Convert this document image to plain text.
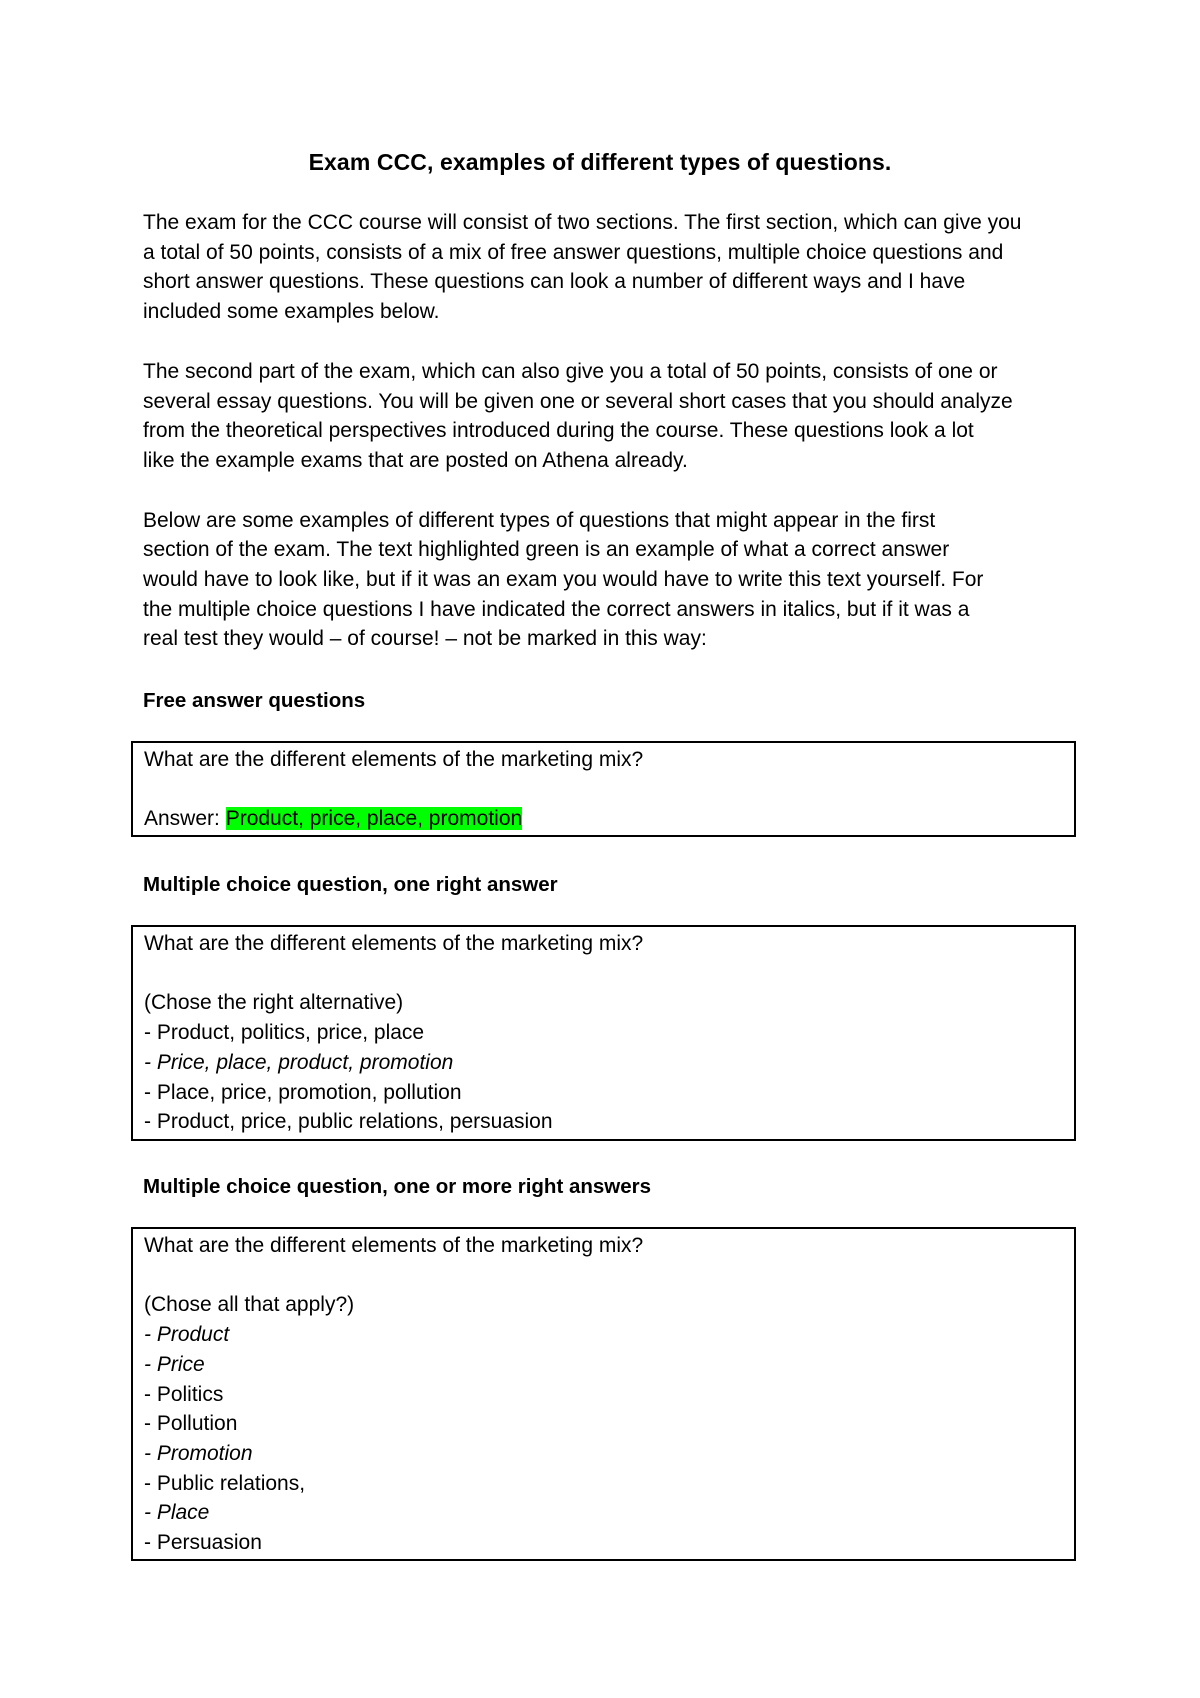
Exam CCC, examples of different types of questions.

The exam for the CCC course will consist of two sections. The first section, which can give you
a total of 50 points, consists of a mix of free answer questions, multiple choice questions and
short answer questions. These questions can look a number of different ways and I have
included some examples below.

The second part of the exam, which can also give you a total of 50 points, consists of one or
several essay questions. You will be given one or several short cases that you should analyze
from the theoretical perspectives introduced during the course. These questions look a lot
like the example exams that are posted on Athena already.

Below are some examples of different types of questions that might appear in the first
section of the exam. The text highlighted green is an example of what a correct answer
would have to look like, but if it was an exam you would have to write this text yourself. For
the multiple choice questions I have indicated the correct answers in italics, but if it was a
real test they would – of course! – not be marked in this way:

Free answer questions
What are the different elements of the marketing mix?
Answer: Product, price, place, promotion
Multiple choice question, one right answer
What are the different elements of the marketing mix?
(Chose the right alternative)
- Product, politics, price, place
- Price, place, product, promotion
- Place, price, promotion, pollution
- Product, price, public relations, persuasion
Multiple choice question, one or more right answers
What are the different elements of the marketing mix?
(Chose all that apply?)
- Product
- Price
- Politics
- Pollution
- Promotion
- Public relations,
- Place
- Persuasion
